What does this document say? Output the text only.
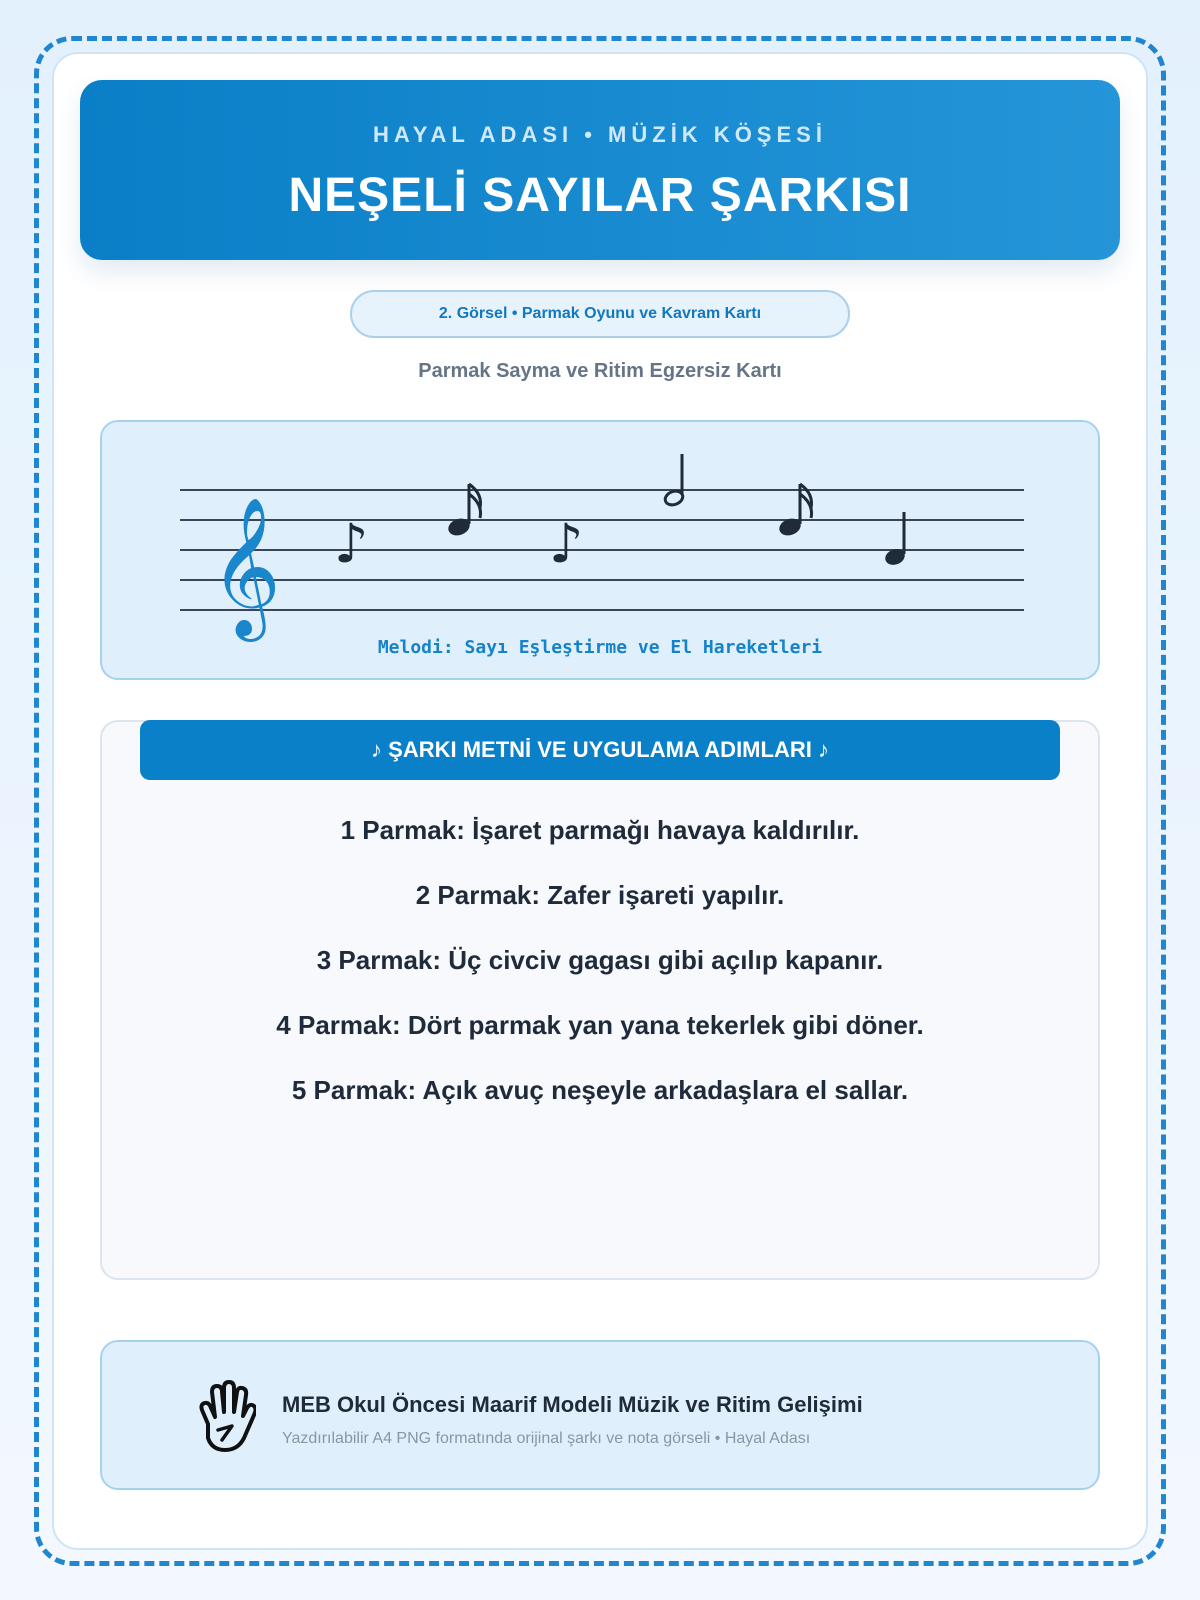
HAYAL ADASI • MÜZİK KÖŞESİ
NEŞELİ SAYILAR ŞARKISI
2. Görsel • Parmak Oyunu ve Kavram Kartı
Parmak Sayma ve Ritim Egzersiz Kartı
𝄞 ♪	♪
Melodi: Sayı Eşleştirme ve El Hareketleri
♪ ŞARKI METNİ VE UYGULAMA ADIMLARI ♪
1 Parmak: İşaret parmağı havaya kaldırılır.
2 Parmak: Zafer işareti yapılır.
3 Parmak: Üç civciv gagası gibi açılıp kapanır.
4 Parmak: Dört parmak yan yana tekerlek gibi döner.
5 Parmak: Açık avuç neşeyle arkadaşlara el sallar.
MEB Okul Öncesi Maarif Modeli Müzik ve Ritim Gelişimi
Yazdırılabilir A4 PNG formatında orijinal şarkı ve nota görseli • Hayal Adası
